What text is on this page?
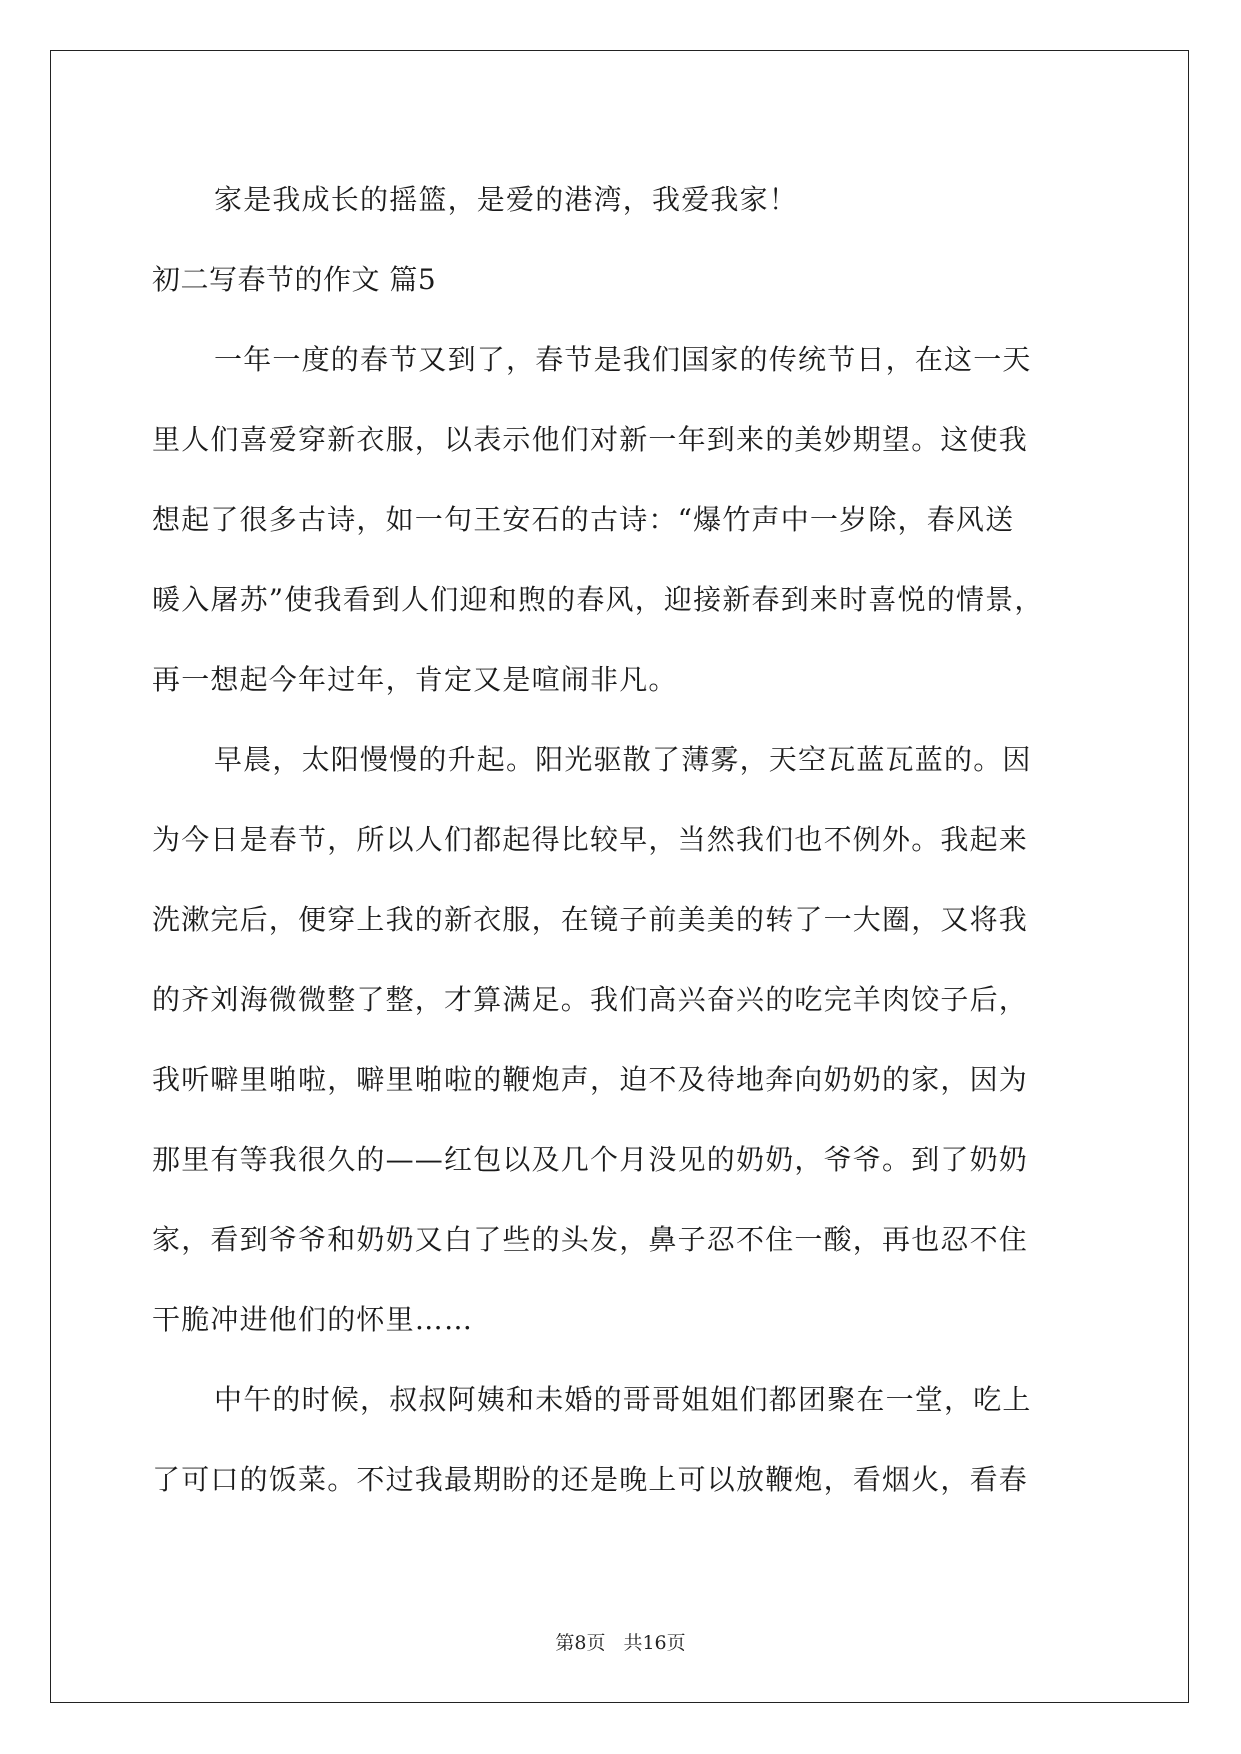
家是我成长的摇篮，是爱的港湾，我爱我家！
初二写春节的作文 篇5
一年一度的春节又到了，春节是我们国家的传统节日，在这一天
里人们喜爱穿新衣服，以表示他们对新一年到来的美妙期望。这使我
想起了很多古诗，如一句王安石的古诗：“爆竹声中一岁除，春风送
暖入屠苏”使我看到人们迎和煦的春风，迎接新春到来时喜悦的情景，
再一想起今年过年，肯定又是喧闹非凡。
早晨，太阳慢慢的升起。阳光驱散了薄雾，天空瓦蓝瓦蓝的。因
为今日是春节，所以人们都起得比较早，当然我们也不例外。我起来
洗漱完后，便穿上我的新衣服，在镜子前美美的转了一大圈，又将我
的齐刘海微微整了整，才算满足。我们高兴奋兴的吃完羊肉饺子后，
我听噼里啪啦，噼里啪啦的鞭炮声，迫不及待地奔向奶奶的家，因为
那里有等我很久的——红包以及几个月没见的奶奶，爷爷。到了奶奶
家，看到爷爷和奶奶又白了些的头发，鼻子忍不住一酸，再也忍不住
干脆冲进他们的怀里……
中午的时候，叔叔阿姨和未婚的哥哥姐姐们都团聚在一堂，吃上
了可口的饭菜。不过我最期盼的还是晚上可以放鞭炮，看烟火，看春
第8页 共16页
